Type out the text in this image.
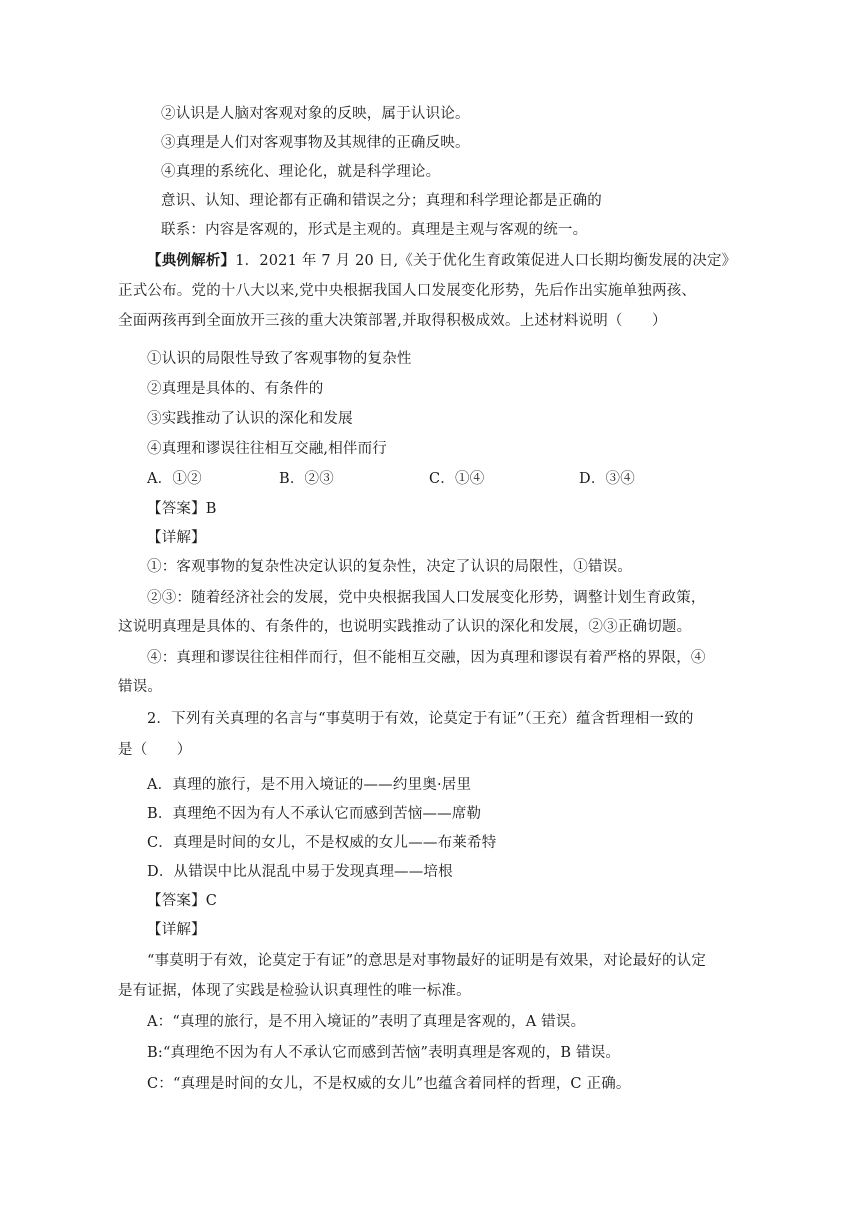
②认识是人脑对客观对象的反映，属于认识论。
③真理是人们对客观事物及其规律的正确反映。
④真理的系统化、理论化，就是科学理论。
意识、认知、理论都有正确和错误之分；真理和科学理论都是正确的
联系：内容是客观的，形式是主观的。真理是主观与客观的统一。
【典例解析】1．2021 年 7 月 20 日,《关于优化生育政策促进人口长期均衡发展的决定》
正式公布。党的十八大以来,党中央根据我国人口发展变化形势，先后作出实施单独两孩、
全面两孩再到全面放开三孩的重大决策部署,并取得积极成效。上述材料说明（　　）
①认识的局限性导致了客观事物的复杂性
②真理是具体的、有条件的
③实践推动了认识的深化和发展
④真理和谬误往往相互交融,相伴而行
A．①②	B．②③	C．①④	D．③④
【答案】B
【详解】
①：客观事物的复杂性决定认识的复杂性，决定了认识的局限性，①错误。
②③：随着经济社会的发展，党中央根据我国人口发展变化形势，调整计划生育政策，
这说明真理是具体的、有条件的，也说明实践推动了认识的深化和发展，②③正确切题。
④：真理和谬误往往相伴而行，但不能相互交融，因为真理和谬误有着严格的界限，④
错误。
2．下列有关真理的名言与“事莫明于有效，论莫定于有证”（王充）蕴含哲理相一致的
是（　　）
A．真理的旅行，是不用入境证的——约里奥·居里
B．真理绝不因为有人不承认它而感到苦恼——席勒
C．真理是时间的女儿，不是权威的女儿——布莱希特
D．从错误中比从混乱中易于发现真理——培根
【答案】C
【详解】
“事莫明于有效，论莫定于有证”的意思是对事物最好的证明是有效果，对论最好的认定
是有证据，体现了实践是检验认识真理性的唯一标准。
A：“真理的旅行，是不用入境证的”表明了真理是客观的，A 错误。
B:“真理绝不因为有人不承认它而感到苦恼”表明真理是客观的，B 错误。
C：“真理是时间的女儿，不是权威的女儿”也蕴含着同样的哲理，C 正确。
